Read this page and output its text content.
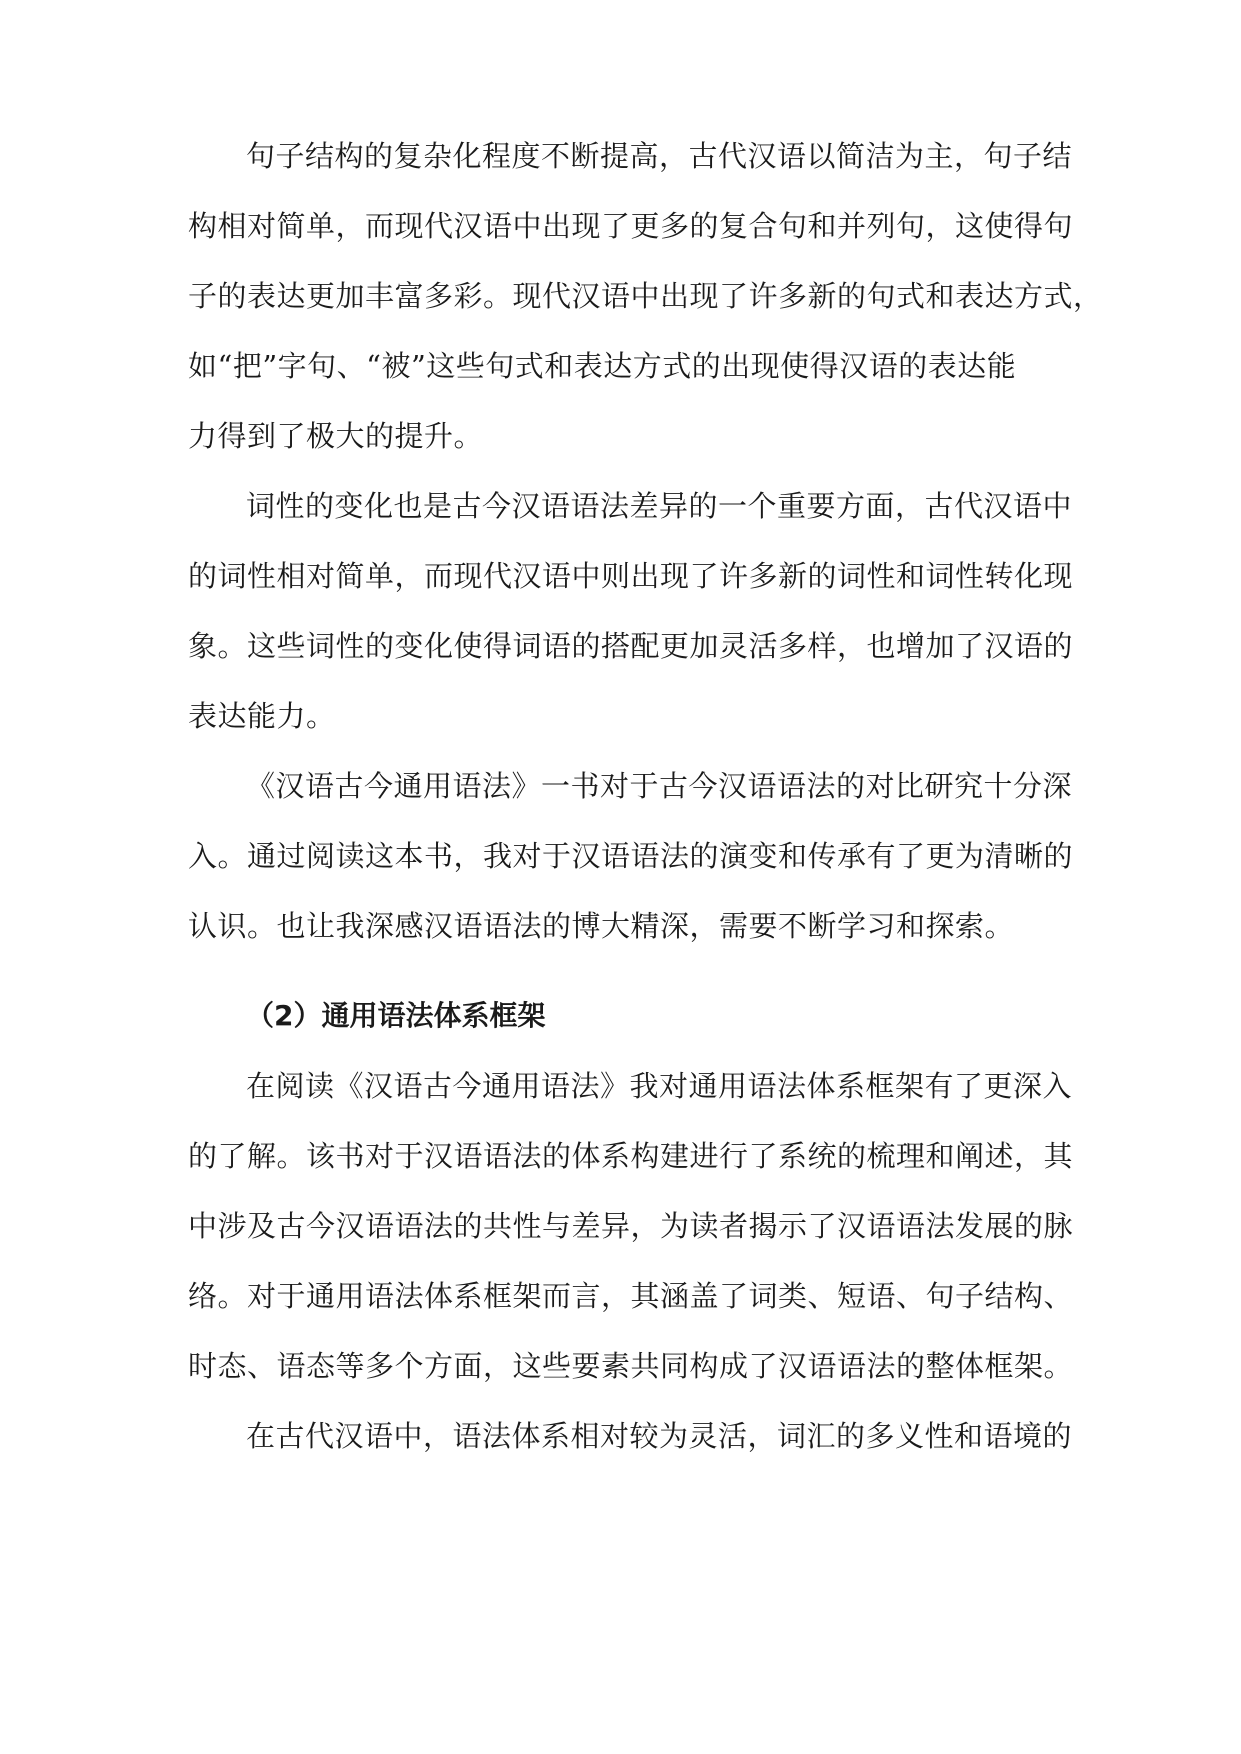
句子结构的复杂化程度不断提高，古代汉语以简洁为主，句子结
构相对简单，而现代汉语中出现了更多的复合句和并列句，这使得句
子的表达更加丰富多彩。现代汉语中出现了许多新的句式和表达方式，
如“把”字句、“被”这些句式和表达方式的出现使得汉语的表达能
力得到了极大的提升。
词性的变化也是古今汉语语法差异的一个重要方面，古代汉语中
的词性相对简单，而现代汉语中则出现了许多新的词性和词性转化现
象。这些词性的变化使得词语的搭配更加灵活多样，也增加了汉语的
表达能力。
《汉语古今通用语法》一书对于古今汉语语法的对比研究十分深
入。通过阅读这本书，我对于汉语语法的演变和传承有了更为清晰的
认识。也让我深感汉语语法的博大精深，需要不断学习和探索。
（2）通用语法体系框架
在阅读《汉语古今通用语法》我对通用语法体系框架有了更深入
的了解。该书对于汉语语法的体系构建进行了系统的梳理和阐述，其
中涉及古今汉语语法的共性与差异，为读者揭示了汉语语法发展的脉
络。对于通用语法体系框架而言，其涵盖了词类、短语、句子结构、
时态、语态等多个方面，这些要素共同构成了汉语语法的整体框架。
在古代汉语中，语法体系相对较为灵活，词汇的多义性和语境的
